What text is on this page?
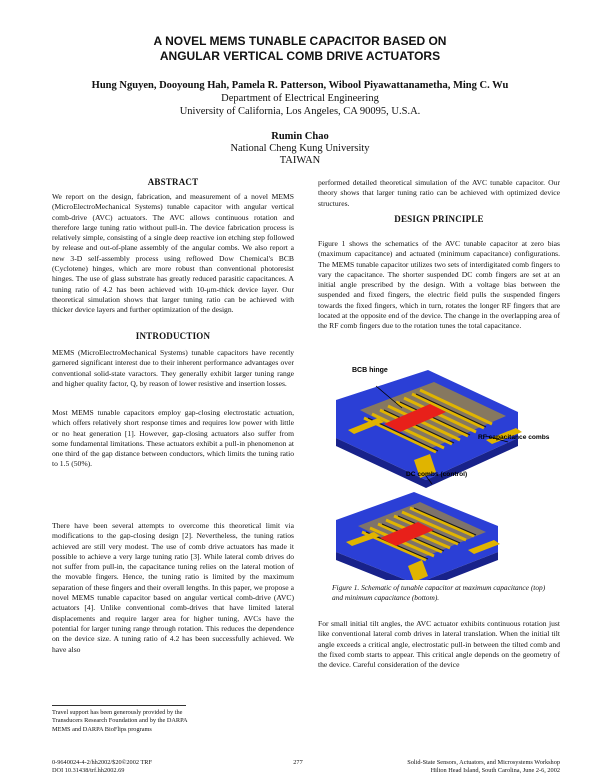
A NOVEL MEMS TUNABLE CAPACITOR BASED ON
ANGULAR VERTICAL COMB DRIVE ACTUATORS
Hung Nguyen, Dooyoung Hah, Pamela R. Patterson, Wibool Piyawattanametha, Ming C. Wu
Department of Electrical Engineering
University of California, Los Angeles, CA 90095, U.S.A.
Rumin Chao
National Cheng Kung University
TAIWAN
ABSTRACT
We report on the design, fabrication, and measurement of a novel MEMS (MicroElectroMechanical Systems) tunable capacitor with angular vertical comb-drive (AVC) actuators. The AVC allows continuous rotation and therefore large tuning ratio without pull-in. The device fabrication process is relatively simple, consisting of a single deep reactive ion etching step followed by release and out-of-plane assembly of the angular combs. We also report a new 3-D self-assembly process using reflowed Dow Chemical's BCB (Cyclotene) hinges, which are more robust than conventional photoresist hinges. The use of glass substrate has greatly reduced parasitic capacitances. A tuning ratio of 4.2 has been achieved with 10-μm-thick device layer. Our theoretical simulation shows that larger tuning ratio can be achieved with thicker device layers and further optimization of the design.
INTRODUCTION
MEMS (MicroElectroMechanical Systems) tunable capacitors have recently garnered significant interest due to their inherent performance advantages over conventional solid-state varactors. They generally exhibit larger tuning range and higher quality factor, Q, by reason of lower resistive and insertion losses.
Most MEMS tunable capacitors employ gap-closing electrostatic actuation, which offers relatively short response times and requires low power with little or no heat generation [1]. However, gap-closing actuators also suffer from some fundamental limitations. These actuators exhibit a pull-in phenomenon at one third of the gap distance between conductors, which limits the tuning ratio to 1.5 (50%).
There have been several attempts to overcome this theoretical limit via modifications to the gap-closing design [2]. Nevertheless, the tuning ratios achieved are still very modest. The use of comb drive actuators has made it possible to achieve a very large tuning ratio [3]. While lateral comb drives do not suffer from pull-in, the capacitance tuning relies on the lateral motion of the movable fingers. Hence, the tuning ratio is limited by the maximum separation of these fingers and their overall lengths. In this paper, we propose a novel MEMS tunable capacitor based on angular vertical comb-drive (AVC) actuators [4]. Unlike conventional comb-drives that have limited lateral displacements and require larger area for higher tuning, AVCs have the potential for larger tuning range through rotation. This reduces the dependence on the device size. A tuning ratio of 4.2 has been successfully achieved. We have also
Travel support has been generously provided by the
Transducers Research Foundation and by the DARPA
MEMS and DARPA BioFlips programs
performed detailed theoretical simulation of the AVC tunable capacitor. Our theory shows that larger tuning ratio can be achieved with optimized device structures.
DESIGN PRINCIPLE
Figure 1 shows the schematics of the AVC tunable capacitor at zero bias (maximum capacitance) and actuated (minimum capacitance) configurations. The MEMS tunable capacitor utilizes two sets of interdigitated comb fingers to vary the capacitance. The shorter suspended DC comb fingers are set at an initial angle prescribed by the design. With a voltage bias between the suspended and fixed fingers, the electric field pulls the suspended fingers towards the fixed fingers, which in turn, rotates the longer RF fingers that are located at the opposite end of the device. The change in the overlapping area of the RF comb fingers due to the rotation tunes the total capacitance.
BCB hinge
RF capacitance combs
DC combs (control)
Figure 1. Schematic of tunable capacitor at maximum capacitance (top) and minimum capacitance (bottom).
For small initial tilt angles, the AVC actuator exhibits continuous rotation just like conventional lateral comb drives in lateral translation. When the initial tilt angle exceeds a critical angle, electrostatic pull-in between the tilted comb and the fixed comb starts to appear. This critical angle depends on the geometry of the device. Careful consideration of the device
0-9640024-4-2/hh2002/$20©2002 TRF
DOI 10.31438/trf.hh2002.69
277	Solid-State Sensors, Actuators, and Microsystems Workshop
Hilton Head Island, South Carolina, June 2-6, 2002
